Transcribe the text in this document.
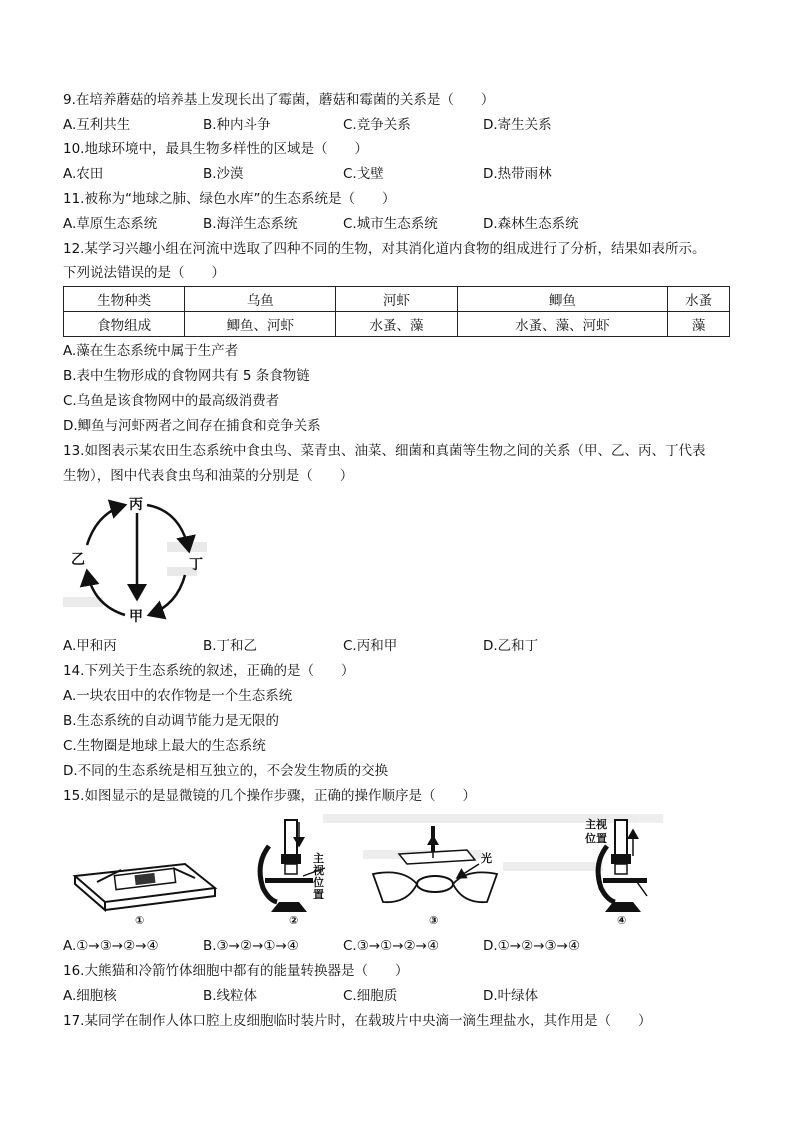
9.在培养蘑菇的培养基上发现长出了霉菌，蘑菇和霉菌的关系是（　　）
A.互利共生	B.种内斗争	C.竞争关系	D.寄生关系
10.地球环境中，最具生物多样性的区域是（　　）
A.农田	B.沙漠	C.戈壁	D.热带雨林
11.被称为“地球之肺、绿色水库”的生态系统是（　　）
A.草原生态系统	B.海洋生态系统	C.城市生态系统	D.森林生态系统
12.某学习兴趣小组在河流中选取了四种不同的生物，对其消化道内食物的组成进行了分析，结果如表所示。
下列说法错误的是（　　）
生物种类	乌鱼	河虾	鲫鱼	水蚤
食物组成	鲫鱼、河虾	水蚤、藻	水蚤、藻、河虾	藻
A.藻在生态系统中属于生产者
B.表中生物形成的食物网共有 5 条食物链
C.乌鱼是该食物网中的最高级消费者
D.鲫鱼与河虾两者之间存在捕食和竞争关系
13.如图表示某农田生态系统中食虫鸟、菜青虫、油菜、细菌和真菌等生物之间的关系（甲、乙、丙、丁代表
生物），图中代表食虫鸟和油菜的分别是（　　）
丙
乙	丁
甲
A.甲和丙	B.丁和乙	C.丙和甲	D.乙和丁
14.下列关于生态系统的叙述，正确的是（　　）
A.一块农田中的农作物是一个生态系统
B.生态系统的自动调节能力是无限的
C.生物圈是地球上最大的生态系统
D.不同的生态系统是相互独立的，不会发生物质的交换
15.如图显示的是显微镜的几个操作步骤，正确的操作顺序是（　　）
①
主 视 位 置
②
光
③
主视 位置
④
A.①→③→②→④	B.③→②→①→④	C.③→①→②→④	D.①→②→③→④
16.大熊猫和冷箭竹体细胞中都有的能量转换器是（　　）
A.细胞核	B.线粒体	C.细胞质	D.叶绿体
17.某同学在制作人体口腔上皮细胞临时装片时，在载玻片中央滴一滴生理盐水，其作用是（　　）
